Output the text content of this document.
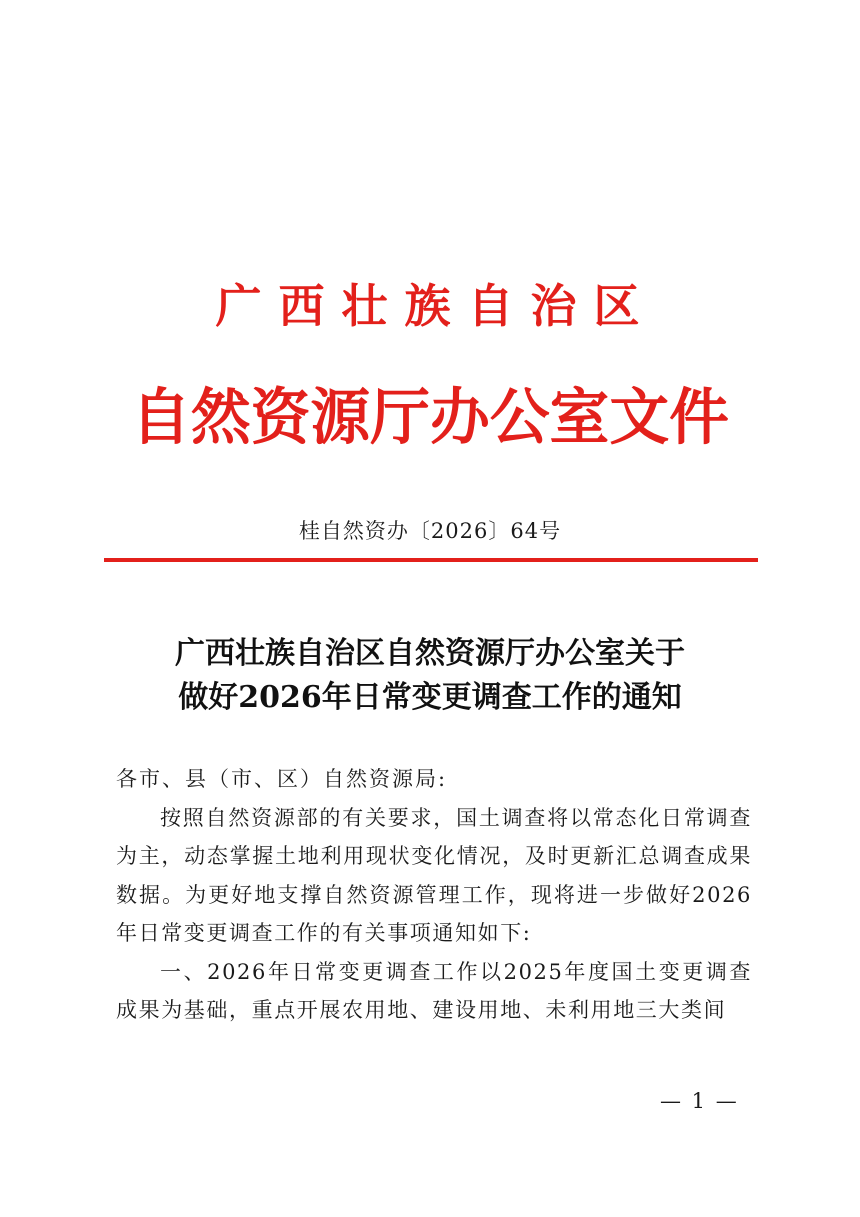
广西壮族自治区
自然资源厅办公室文件
桂自然资办〔2026〕64号
广西壮族自治区自然资源厅办公室关于
做好2026年日常变更调查工作的通知

各市、县（市、区）自然资源局:

按照自然资源部的有关要求，国土调查将以常态化日常调查为主，动态掌握土地利用现状变化情况，及时更新汇总调查成果数据。为更好地支撑自然资源管理工作，现将进一步做好2026年日常变更调查工作的有关事项通知如下:

一、2026年日常变更调查工作以2025年度国土变更调查成果为基础，重点开展农用地、建设用地、未利用地三大类间

— 1 —
